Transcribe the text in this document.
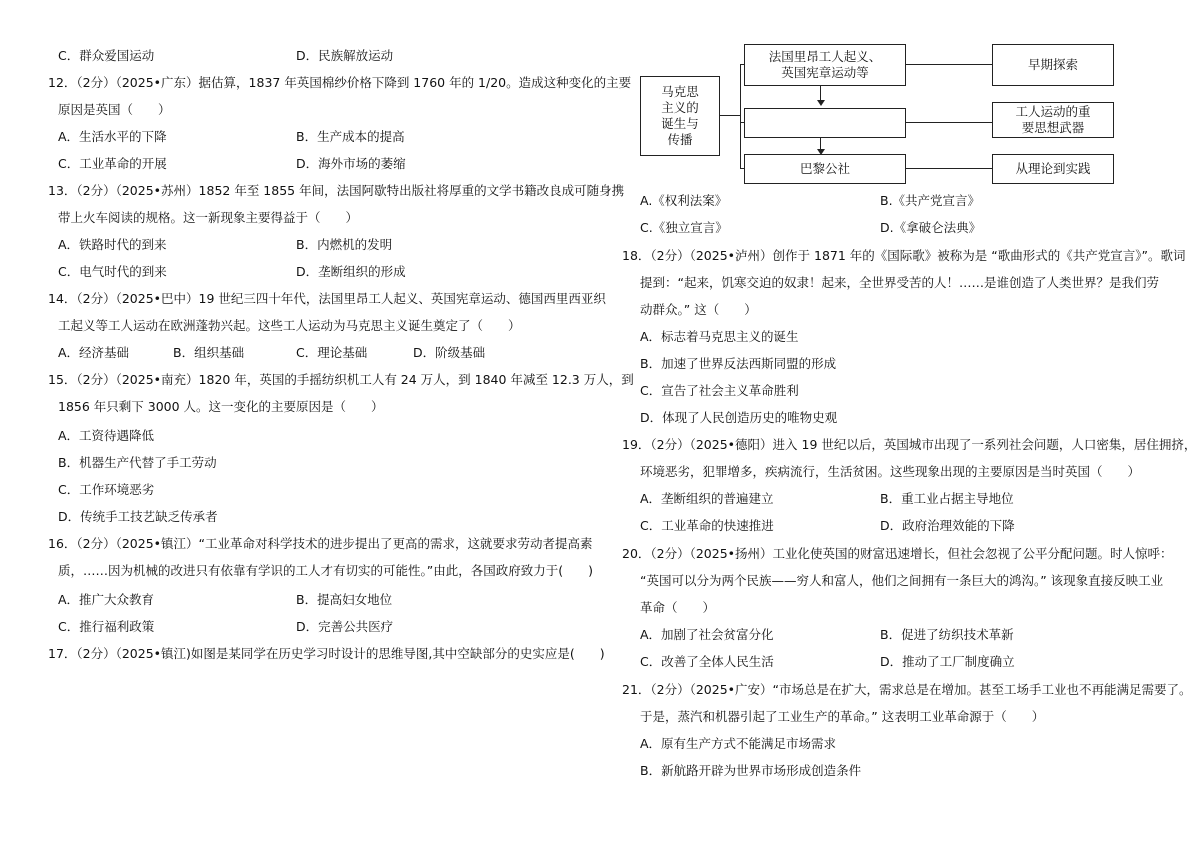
C．群众爱国运动	D．民族解放运动
12．（2分）（2025•广东）据估算，1837 年英国棉纱价格下降到 1760 年的 1/20。造成这种变化的主要
原因是英国（　　）
A．生活水平的下降	B．生产成本的提高
C．工业革命的开展	D．海外市场的萎缩
13．（2分）（2025•苏州）1852 年至 1855 年间，法国阿歇特出版社将厚重的文学书籍改良成可随身携
带上火车阅读的规格。这一新现象主要得益于（　　）
A．铁路时代的到来	B．内燃机的发明
C．电气时代的到来	D．垄断组织的形成
14．（2分）（2025•巴中）19 世纪三四十年代，法国里昂工人起义、英国宪章运动、德国西里西亚织
工起义等工人运动在欧洲蓬勃兴起。这些工人运动为马克思主义诞生奠定了（　　）
A．经济基础	B．组织基础	C．理论基础	D．阶级基础
15．（2分）（2025•南充）1820 年，英国的手摇纺织机工人有 24 万人，到 1840 年减至 12.3 万人，到
1856 年只剩下 3000 人。这一变化的主要原因是（　　）
A．工资待遇降低
B．机器生产代替了手工劳动
C．工作环境恶劣
D．传统手工技艺缺乏传承者
16．（2分）（2025•镇江）“工业革命对科学技术的进步提出了更高的需求，这就要求劳动者提高素
质，……因为机械的改进只有依靠有学识的工人才有切实的可能性。”由此，各国政府致力于(　　)
A．推广大众教育	B．提高妇女地位
C．推行福利政策	D．完善公共医疗
17．（2分）（2025•镇江)如图是某同学在历史学习时设计的思维导图,其中空缺部分的史实应是(　　)
马克思
主义的
诞生与
传播
法国里昂工人起义、
英国宪章运动等
巴黎公社
早期探索
工人运动的重
要思想武器
从理论到实践
A.《权利法案》	B.《共产党宣言》
C.《独立宣言》	D.《拿破仑法典》
18．（2分）（2025•泸州）创作于 1871 年的《国际歌》被称为是 “歌曲形式的《共产党宣言》”。歌词
提到：“起来，饥寒交迫的奴隶！起来，全世界受苦的人！……是谁创造了人类世界？是我们劳
动群众。” 这（　　）
A．标志着马克思主义的诞生
B．加速了世界反法西斯同盟的形成
C．宣告了社会主义革命胜利
D．体现了人民创造历史的唯物史观
19．（2分）（2025•德阳）进入 19 世纪以后，英国城市出现了一系列社会问题，人口密集，居住拥挤，
环境恶劣，犯罪增多，疾病流行，生活贫困。这些现象出现的主要原因是当时英国（　　）
A．垄断组织的普遍建立	B．重工业占据主导地位
C．工业革命的快速推进	D．政府治理效能的下降
20．（2分）（2025•扬州）工业化使英国的财富迅速增长，但社会忽视了公平分配问题。时人惊呼：
“英国可以分为两个民族——穷人和富人，他们之间拥有一条巨大的鸿沟。” 该现象直接反映工业
革命（　　）
A．加剧了社会贫富分化	B．促进了纺织技术革新
C．改善了全体人民生活	D．推动了工厂制度确立
21．（2分）（2025•广安）“市场总是在扩大，需求总是在增加。甚至工场手工业也不再能满足需要了。
于是，蒸汽和机器引起了工业生产的革命。” 这表明工业革命源于（　　）
A．原有生产方式不能满足市场需求
B．新航路开辟为世界市场形成创造条件
